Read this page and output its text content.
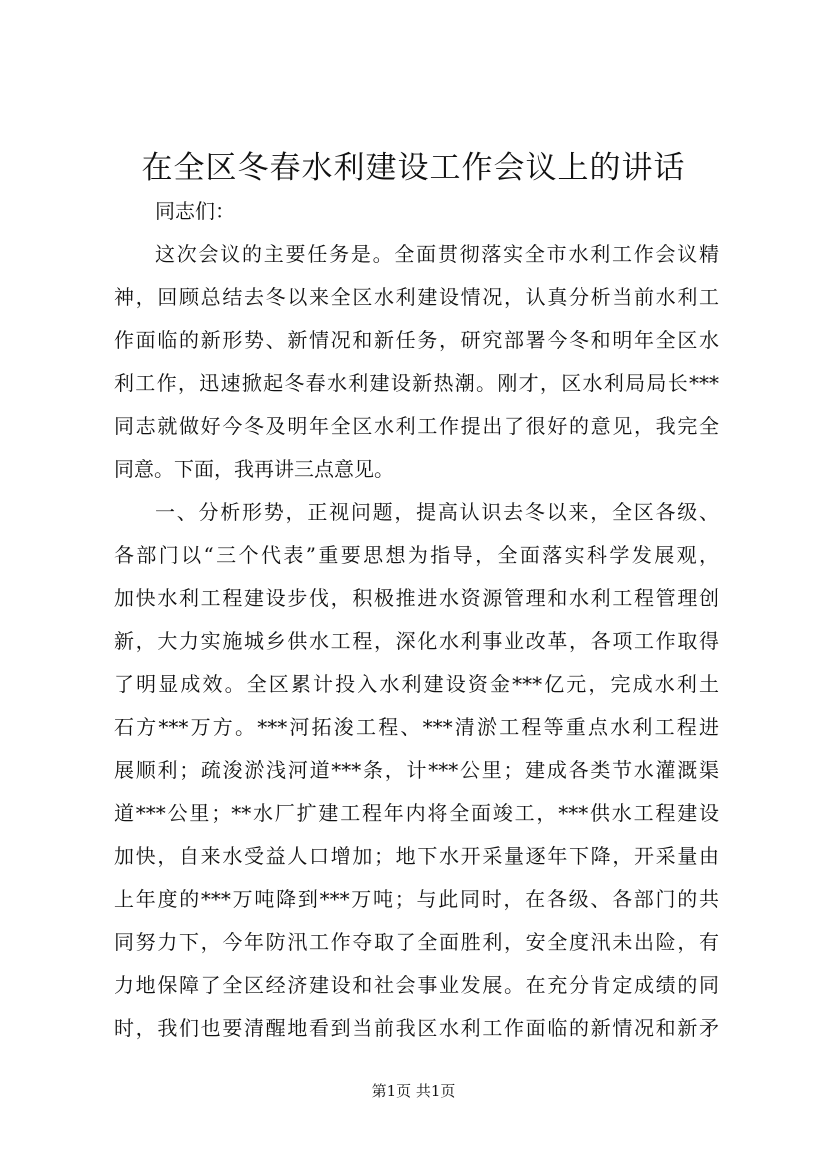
在全区冬春水利建设工作会议上的讲话
同志们：
这次会议的主要任务是。全面贯彻落实全市水利工作会议精
神，回顾总结去冬以来全区水利建设情况，认真分析当前水利工
作面临的新形势、新情况和新任务，研究部署今冬和明年全区水
利工作，迅速掀起冬春水利建设新热潮。刚才，区水利局局长***
同志就做好今冬及明年全区水利工作提出了很好的意见，我完全
同意。下面，我再讲三点意见。
一、分析形势，正视问题，提高认识去冬以来，全区各级、
各部门以“三个代表”重要思想为指导，全面落实科学发展观，
加快水利工程建设步伐，积极推进水资源管理和水利工程管理创
新，大力实施城乡供水工程，深化水利事业改革，各项工作取得
了明显成效。全区累计投入水利建设资金***亿元，完成水利土
石方***万方。***河拓浚工程、***清淤工程等重点水利工程进
展顺利；疏浚淤浅河道***条，计***公里；建成各类节水灌溉渠
道***公里；**水厂扩建工程年内将全面竣工，***供水工程建设
加快，自来水受益人口增加；地下水开采量逐年下降，开采量由
上年度的***万吨降到***万吨；与此同时，在各级、各部门的共
同努力下，今年防汛工作夺取了全面胜利，安全度汛未出险，有
力地保障了全区经济建设和社会事业发展。在充分肯定成绩的同
时，我们也要清醒地看到当前我区水利工作面临的新情况和新矛
第1页 共1页
